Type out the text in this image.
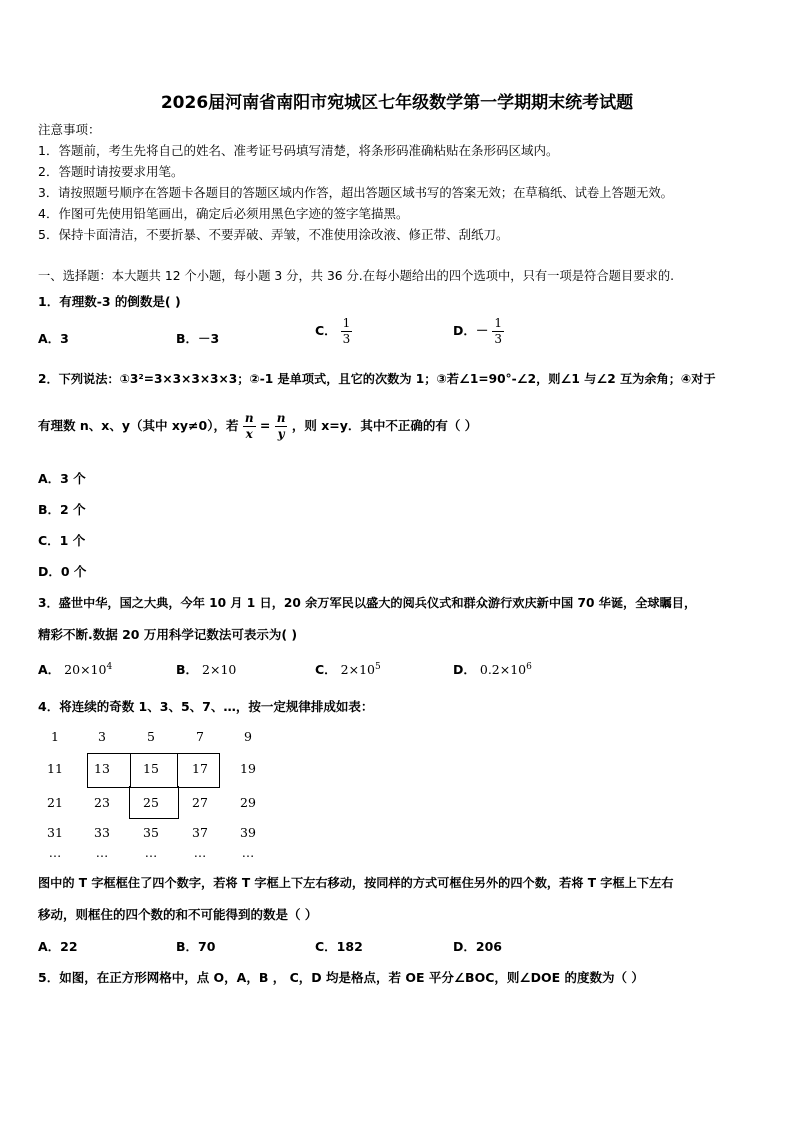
2026届河南省南阳市宛城区七年级数学第一学期期末统考试题
注意事项：
1．答题前，考生先将自己的姓名、准考证号码填写清楚，将条形码准确粘贴在条形码区域内。
2．答题时请按要求用笔。
3．请按照题号顺序在答题卡各题目的答题区域内作答，超出答题区域书写的答案无效；在草稿纸、试卷上答题无效。
4．作图可先使用铅笔画出，确定后必须用黑色字迹的签字笔描黑。
5．保持卡面清洁，不要折暴、不要弄破、弄皱，不准使用涂改液、修正带、刮纸刀。
一、选择题：本大题共 12 个小题，每小题 3 分，共 36 分.在每小题给出的四个选项中，只有一项是符合题目要求的.
1．有理数-3 的倒数是( )
A．3	B．－3
C． $\frac{1}{3}$	D．－ $\frac{1}{3}$
2．下列说法：①3²=3×3×3×3×3；②-1 是单项式，且它的次数为 1；③若∠1=90°-∠2，则∠1 与∠2 互为余角；④对于
有理数 n、x、y（其中 xy≠0），若 $\frac{n}{x} = \frac{n}{y}$ ，则 x=y．其中不正确的有（ ）
A．3 个
B．2 个
C．1 个
D．0 个
3．盛世中华，国之大典，今年 10 月 1 日，20 余万军民以盛大的阅兵仪式和群众游行欢庆新中国 70 华诞，全球瞩目，
精彩不断.数据 20 万用科学记数法可表示为( )
A． $20\times 10^4$	B． 2×10	C． $2\times 10^5$	D． $0.2\times 10^6$
4．将连续的奇数 1、3、5、7、…，按一定规律排成如表：
1	3	5	7	9
11	13	15	17	19
21	23	25	27	29
31	33	35	37	39
…	…	…	…	…
图中的 T 字框框住了四个数字，若将 T 字框上下左右移动，按同样的方式可框住另外的四个数，若将 T 字框上下左右
移动，则框住的四个数的和不可能得到的数是（ ）
A．22	B．70	C．182	D．206
5．如图，在正方形网格中，点 O，A，B ， C，D 均是格点，若 OE 平分∠BOC，则∠DOE 的度数为（ ）
